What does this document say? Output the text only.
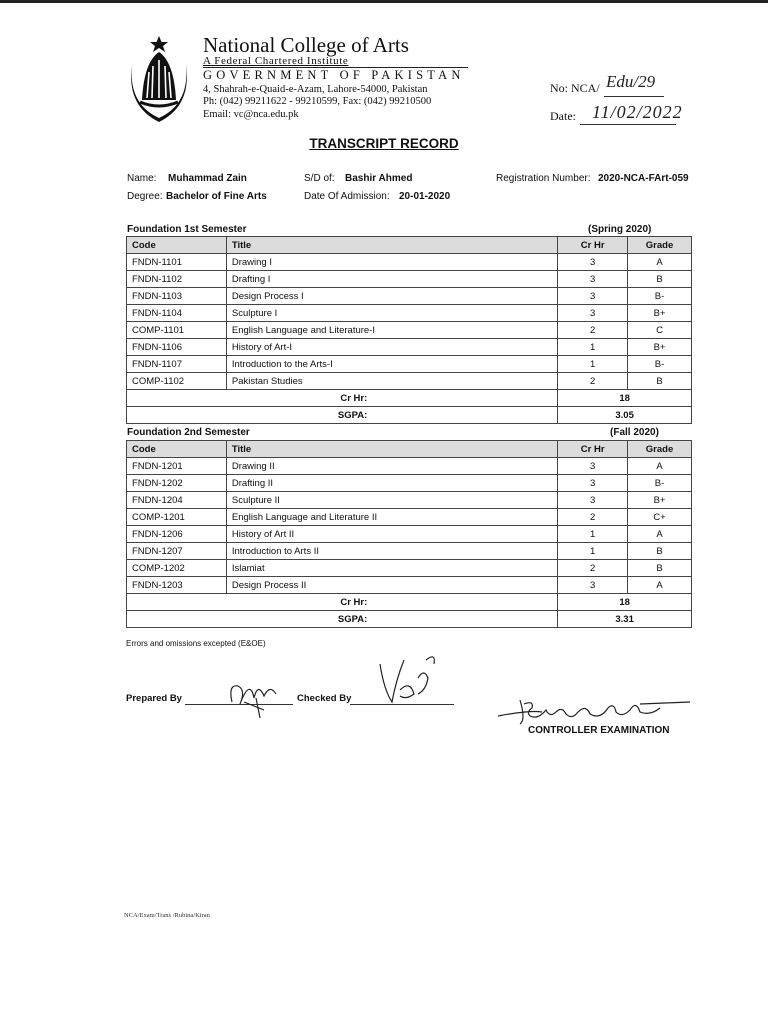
National College of Arts
A Federal Chartered Institute
GOVERNMENT OF PAKISTAN
4, Shahrah-e-Quaid-e-Azam, Lahore-54000, Pakistan
Ph: (042) 99211622 - 99210599, Fax: (042) 99210500
Email: vc@nca.edu.pk
No: NCA/ Edu/29
Date: 11/02/2022
TRANSCRIPT RECORD
Name: Muhammad Zain	S/D of: Bashir Ahmed	Registration Number: 2020-NCA-FArt-059
Degree: Bachelor of Fine Arts	Date Of Admission: 20-01-2020
Foundation 1st Semester	(Spring 2020)
Code	Title	Cr Hr	Grade
FNDN-1101	Drawing I	3	A
FNDN-1102	Drafting I	3	B
FNDN-1103	Design Process I	3	B-
FNDN-1104	Sculpture I	3	B+
COMP-1101	English Language and Literature-I	2	C
FNDN-1106	History of Art-I	1	B+
FNDN-1107	Introduction to the Arts-I	1	B-
COMP-1102	Pakistan Studies	2	B
Cr Hr:		18	
SGPA:		3.05	
Foundation 2nd Semester	(Fall 2020)
Code	Title	Cr Hr	Grade
FNDN-1201	Drawing II	3	A
FNDN-1202	Drafting II	3	B-
FNDN-1204	Sculpture II	3	B+
COMP-1201	English Language and Literature II	2	C+
FNDN-1206	History of Art II	1	A
FNDN-1207	Introduction to Arts II	1	B
COMP-1202	Islamiat	2	B
FNDN-1203	Design Process II	3	A
Cr Hr:		18	
SGPA:		3.31	
Errors and omissions excepted (E&OE)
Prepared By	Checked By
CONTROLLER EXAMINATION
NCA/Exam/Trans /Rubina/Kiran
